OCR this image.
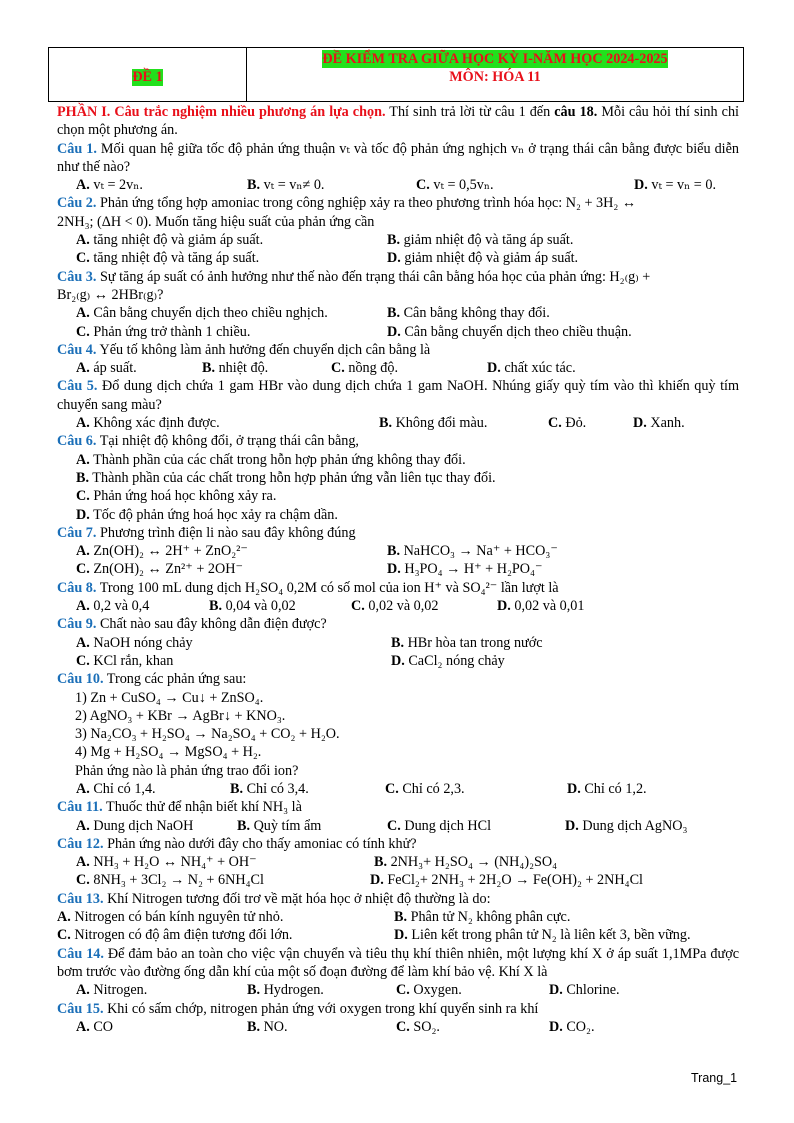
ĐỀ 1
ĐỀ KIỂM TRA GIỮA HỌC KỲ I-NĂM HỌC 2024-2025
MÔN: HÓA 11
PHẦN I. Câu trắc nghiệm nhiều phương án lựa chọn. Thí sinh trả lời từ câu 1 đến câu 18. Mỗi câu hỏi thí sinh chỉ chọn một phương án.
Câu 1. Mối quan hệ giữa tốc độ phản ứng thuận vₜ và tốc độ phản ứng nghịch vₙ ở trạng thái cân bằng được biểu diễn như thế nào?
A. vₜ = 2vₙ.	B. vₜ = vₙ≠ 0.	C. vₜ = 0,5vₙ.	D. vₜ = vₙ = 0.
Câu 2. Phản ứng tổng hợp amoniac trong công nghiệp xảy ra theo phương trình hóa học: N₂ + 3H₂ ↔
2NH₃; (ΔH < 0). Muốn tăng hiệu suất của phản ứng cần
A. tăng nhiệt độ và giảm áp suất.	B. giảm nhiệt độ và tăng áp suất.
C. tăng nhiệt độ và tăng áp suất.	D. giảm nhiệt độ và giảm áp suất.
Câu 3. Sự tăng áp suất có ảnh hưởng như thế nào đến trạng thái cân bằng hóa học của phản ứng: H₂₍g₎ +
Br₂₍g₎ ↔ 2HBr₍g₎?
A. Cân bằng chuyển dịch theo chiều nghịch.	B. Cân bằng không thay đổi.
C. Phản ứng trở thành 1 chiều.	D. Cân bằng chuyển dịch theo chiều thuận.
Câu 4. Yếu tố không làm ảnh hưởng đến chuyển dịch cân bằng là
A. áp suất.	B. nhiệt độ.	C. nồng độ.	D. chất xúc tác.
Câu 5. Đổ dung dịch chứa 1 gam HBr vào dung dịch chứa 1 gam NaOH. Nhúng giấy quỳ tím vào thì khiến quỳ tím chuyển sang màu?
A. Không xác định được.	B. Không đổi màu.	C. Đỏ.	D. Xanh.
Câu 6. Tại nhiệt độ không đổi, ở trạng thái cân bằng,
A. Thành phần của các chất trong hỗn hợp phản ứng không thay đổi.
B. Thành phần của các chất trong hỗn hợp phản ứng vẫn liên tục thay đổi.
C. Phản ứng hoá học không xảy ra.
D. Tốc độ phản ứng hoá học xảy ra chậm dần.
Câu 7. Phương trình điện li nào sau đây không đúng
A. Zn(OH)₂ ↔ 2H⁺ + ZnO₂²⁻	B. NaHCO₃ → Na⁺ + HCO₃⁻
C. Zn(OH)₂ ↔ Zn²⁺ + 2OH⁻	D. H₃PO₄ → H⁺ + H₂PO₄⁻
Câu 8. Trong 100 mL dung dịch H₂SO₄ 0,2M có số mol của ion H⁺ và SO₄²⁻ lần lượt là
A. 0,2 và 0,4	B. 0,04 và 0,02	C. 0,02 và 0,02	D. 0,02 và 0,01
Câu 9. Chất nào sau đây không dẫn điện được?
A. NaOH nóng chảy	B. HBr hòa tan trong nước
C. KCl rắn, khan	D. CaCl₂ nóng chảy
Câu 10. Trong các phản ứng sau:
1) Zn + CuSO₄ → Cu↓ + ZnSO₄.
2) AgNO₃ + KBr → AgBr↓ + KNO₃.
3) Na₂CO₃ + H₂SO₄ → Na₂SO₄ + CO₂ + H₂O.
4) Mg + H₂SO₄ → MgSO₄ + H₂.
Phản ứng nào là phản ứng trao đổi ion?
A. Chỉ có 1,4.	B. Chỉ có 3,4.	C. Chỉ có 2,3.	D. Chỉ có 1,2.
Câu 11. Thuốc thử để nhận biết khí NH₃ là
A. Dung dịch NaOH	B. Quỳ tím ẩm	C. Dung dịch HCl	D. Dung dịch AgNO₃
Câu 12. Phản ứng nào dưới đây cho thấy amoniac có tính khử?
A. NH₃ + H₂O ↔ NH₄⁺ + OH⁻	B. 2NH₃+ H₂SO₄ → (NH₄)₂SO₄
C. 8NH₃ + 3Cl₂ → N₂ + 6NH₄Cl	D. FeCl₂+ 2NH₃ + 2H₂O → Fe(OH)₂ + 2NH₄Cl
Câu 13. Khí Nitrogen tương đối trơ về mặt hóa học ở nhiệt độ thường là do:
A. Nitrogen có bán kính nguyên tử nhỏ.	B. Phân tử N₂ không phân cực.
C. Nitrogen có độ âm điện tương đối lớn.	D. Liên kết trong phân tử N₂ là liên kết 3, bền vững.
Câu 14. Để đảm bảo an toàn cho việc vận chuyển và tiêu thụ khí thiên nhiên, một lượng khí X ở áp suất 1,1MPa được bơm trước vào đường ống dẫn khí của một số đoạn đường để làm khí bảo vệ. Khí X là
A. Nitrogen.	B. Hydrogen.	C. Oxygen.	D. Chlorine.
Câu 15. Khi có sấm chớp, nitrogen phản ứng với oxygen trong khí quyển sinh ra khí
A. CO	B. NO.	C. SO₂.	D. CO₂.
Trang_1
